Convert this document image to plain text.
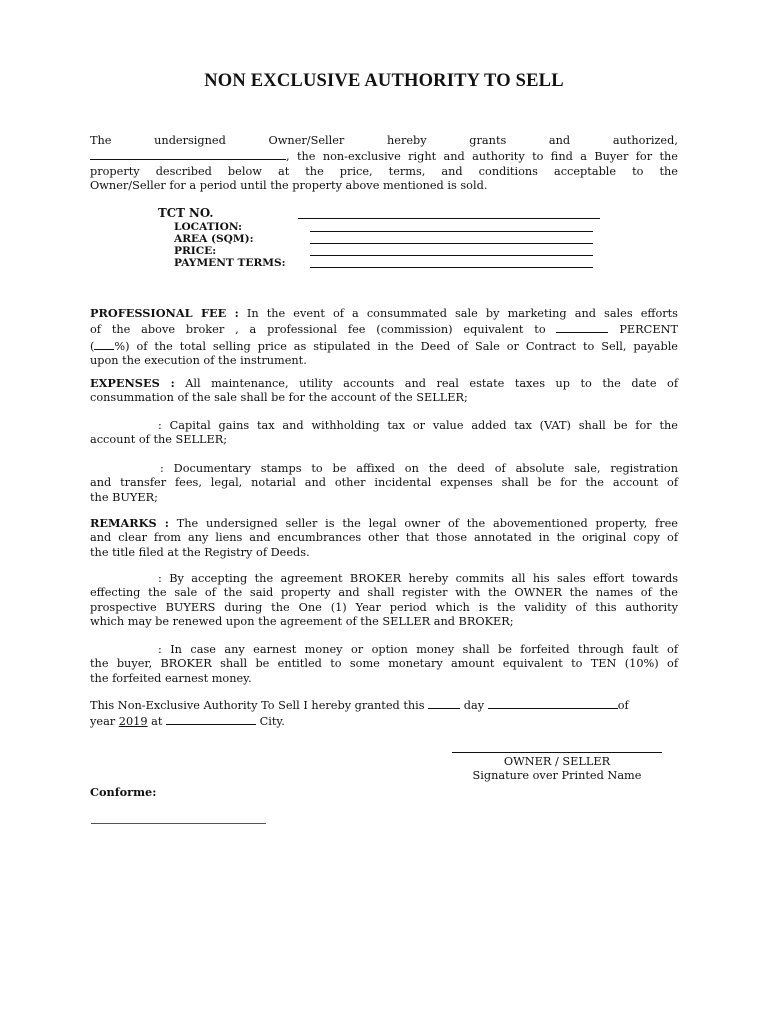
NON EXCLUSIVE AUTHORITY TO SELL
The	undersigned	Owner/Seller	hereby	grants	and	authorized,
, the non-exclusive right and authority to find a Buyer for the
property described below at the price, terms, and conditions acceptable to the
Owner/Seller for a period until the property above mentioned is sold.
TCT NO.
LOCATION:
AREA (SQM):
PRICE:
PAYMENT TERMS:
PROFESSIONAL FEE : In the event of a consummated sale by marketing and sales efforts
of the above broker , a professional fee (commission) equivalent to	PERCENT
( %) of the total selling price as stipulated in the Deed of Sale or Contract to Sell, payable
upon the execution of the instrument.
EXPENSES : All maintenance, utility accounts and real estate taxes up to the date of
consummation of the sale shall be for the account of the SELLER;
: Capital gains tax and withholding tax or value added tax (VAT) shall be for the
account of the SELLER;
: Documentary stamps to be affixed on the deed of absolute sale, registration
and transfer fees, legal, notarial and other incidental expenses shall be for the account of
the BUYER;
REMARKS : The undersigned seller is the legal owner of the abovementioned property, free
and clear from any liens and encumbrances other that those annotated in the original copy of
the title filed at the Registry of Deeds.
: By accepting the agreement BROKER hereby commits all his sales effort towards
effecting the sale of the said property and shall register with the OWNER the names of the
prospective BUYERS during the One (1) Year period which is the validity of this authority
which may be renewed upon the agreement of the SELLER and BROKER;
: In case any earnest money or option money shall be forfeited through fault of
the buyer, BROKER shall be entitled to some monetary amount equivalent to TEN (10%) of
the forfeited earnest money.
This Non-Exclusive Authority To Sell I hereby granted this	day	of
year 2019 at	City.
OWNER / SELLER
Signature over Printed Name
Conforme:
